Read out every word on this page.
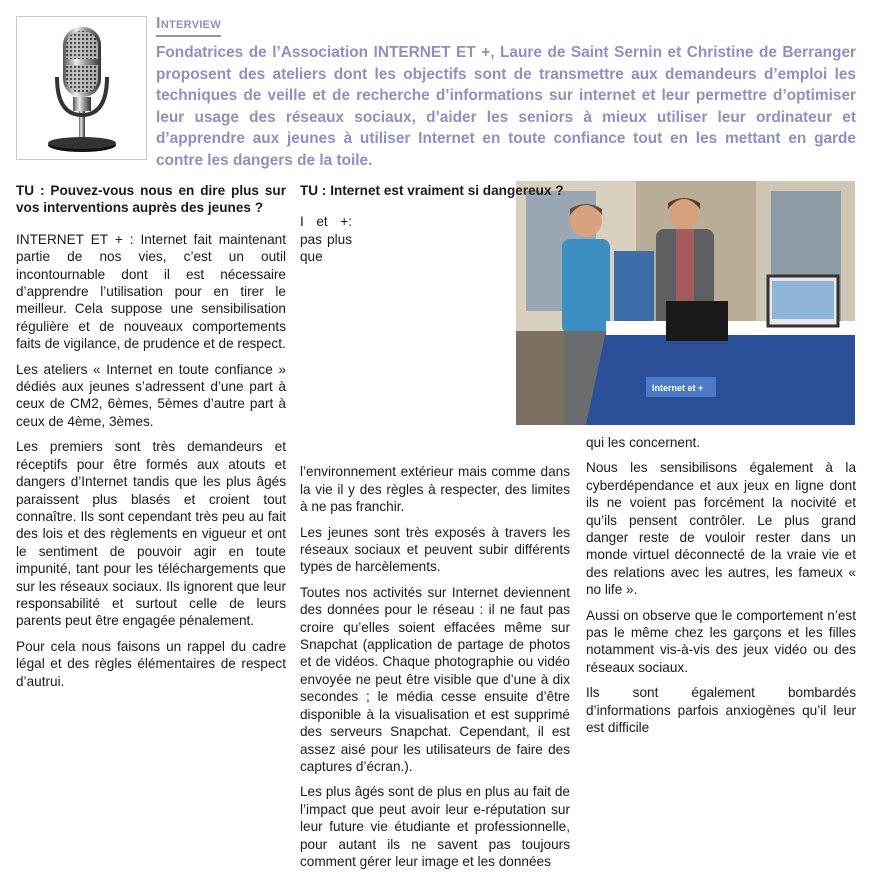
Interview

Fondatrices de l’Association INTERNET ET +, Laure de Saint Sernin et Christine de Berranger proposent des ateliers dont les objectifs sont de transmettre aux demandeurs d’emploi les techniques de veille et de recherche d’informations sur internet et leur permettre d’optimiser leur usage des réseaux sociaux, d’aider les seniors à mieux utiliser leur ordinateur et d’apprendre aux jeunes à utiliser Internet en toute confiance tout en les mettant en garde contre les dangers de la toile.

Internet et +

TU : Pouvez-vous nous en dire plus sur vos interventions auprès des jeunes ?

INTERNET ET + : Internet fait maintenant partie de nos vies, c’est un outil incontournable dont il est nécessaire d’apprendre l’utilisation pour en tirer le meilleur. Cela suppose une sensibilisation régulière et de nouveaux comportements faits de vigilance, de prudence et de respect.

Les ateliers « Internet en toute confiance » dédiés aux jeunes s’adressent d’une part à ceux de CM2, 6èmes, 5èmes d’autre part à ceux de 4ème, 3èmes.

Les premiers sont très demandeurs et réceptifs pour être formés aux atouts et dangers d’Internet tandis que les plus âgés paraissent plus blasés et croient tout connaître. Ils sont cependant très peu au fait des lois et des règlements en vigueur et ont le sentiment de pouvoir agir en toute impunité, tant pour les téléchargements que sur les réseaux sociaux. Ils ignorent que leur responsabilité et surtout celle de leurs parents peut être engagée pénalement.

Pour cela nous faisons un rappel du cadre légal et des règles élémentaires de respect d’autrui.

TU : Internet est vraiment si dangereux ?

I et +: pas plus que l’environnement extérieur mais comme dans la vie il y des règles à respecter, des limites à ne pas franchir.

Les jeunes sont très exposés à travers les réseaux sociaux et peuvent subir différents types de harcèlements.

Toutes nos activités sur Internet deviennent des données pour le réseau : il ne faut pas croire qu’elles soient effacées même sur Snapchat (application de partage de photos et de vidéos. Chaque photographie ou vidéo envoyée ne peut être visible que d’une à dix secondes ; le média cesse ensuite d’être disponible à la visualisation et est supprimé des serveurs Snapchat. Cependant, il est assez aisé pour les utilisateurs de faire des captures d’écran.).

Les plus âgés sont de plus en plus au fait de l’impact que peut avoir leur e-réputation sur leur future vie étudiante et professionnelle, pour autant ils ne savent pas toujours comment gérer leur image et les données

qui les concernent.

Nous les sensibilisons également à la cyberdépendance et aux jeux en ligne dont ils ne voient pas forcément la nocivité et qu’ils pensent contrôler. Le plus grand danger reste de vouloir rester dans un monde virtuel déconnecté de la vraie vie et des relations avec les autres, les fameux « no life ».

Aussi on observe que le comportement n’est pas le même chez les garçons et les filles notamment vis-à-vis des jeux vidéo ou des réseaux sociaux.

Ils sont également bombardés d’informations parfois anxiogènes qu’il leur est difficile
